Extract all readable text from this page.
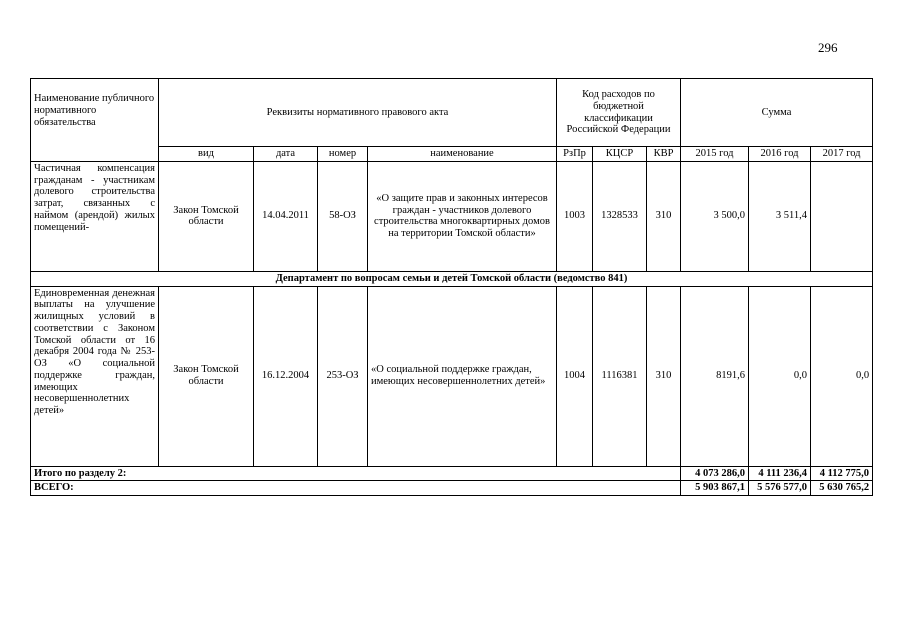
296
Наименование публичного нормативного обязательства	Реквизиты нормативного правового акта				Код расходов по бюджетной классификации Российской Федерации			Сумма		
	вид	дата	номер	наименование	РзПр	КЦСР	КВР	2015 год	2016 год	2017 год
Частичная компенсация гражданам - участникам долевого строительства затрат, связанных с наймом (арендой) жилых помещений-	Закон Томской области	14.04.2011	58-ОЗ	«О защите прав и законных интересов граждан - участников долевого строительства многоквартирных домов на территории Томской области»	1003	1328533	310	3 500,0	3 511,4	
Департамент по вопросам семьи и детей Томской области (ведомство 841)										
Единовременная денежная выплаты на улучшение жилищных условий в соответствии с Законом Томской области от 16 декабря 2004 года № 253-ОЗ «О социальной поддержке граждан, имеющих несовершеннолетних детей»	Закон Томской области	16.12.2004	253-ОЗ	«О социальной поддержке граждан, имеющих несовершеннолетних детей»	1004	1116381	310	8191,6	0,0	0,0
Итого по разделу 2:								4 073 286,0	4 111 236,4	4 112 775,0
ВСЕГО:								5 903 867,1	5 576 577,0	5 630 765,2
